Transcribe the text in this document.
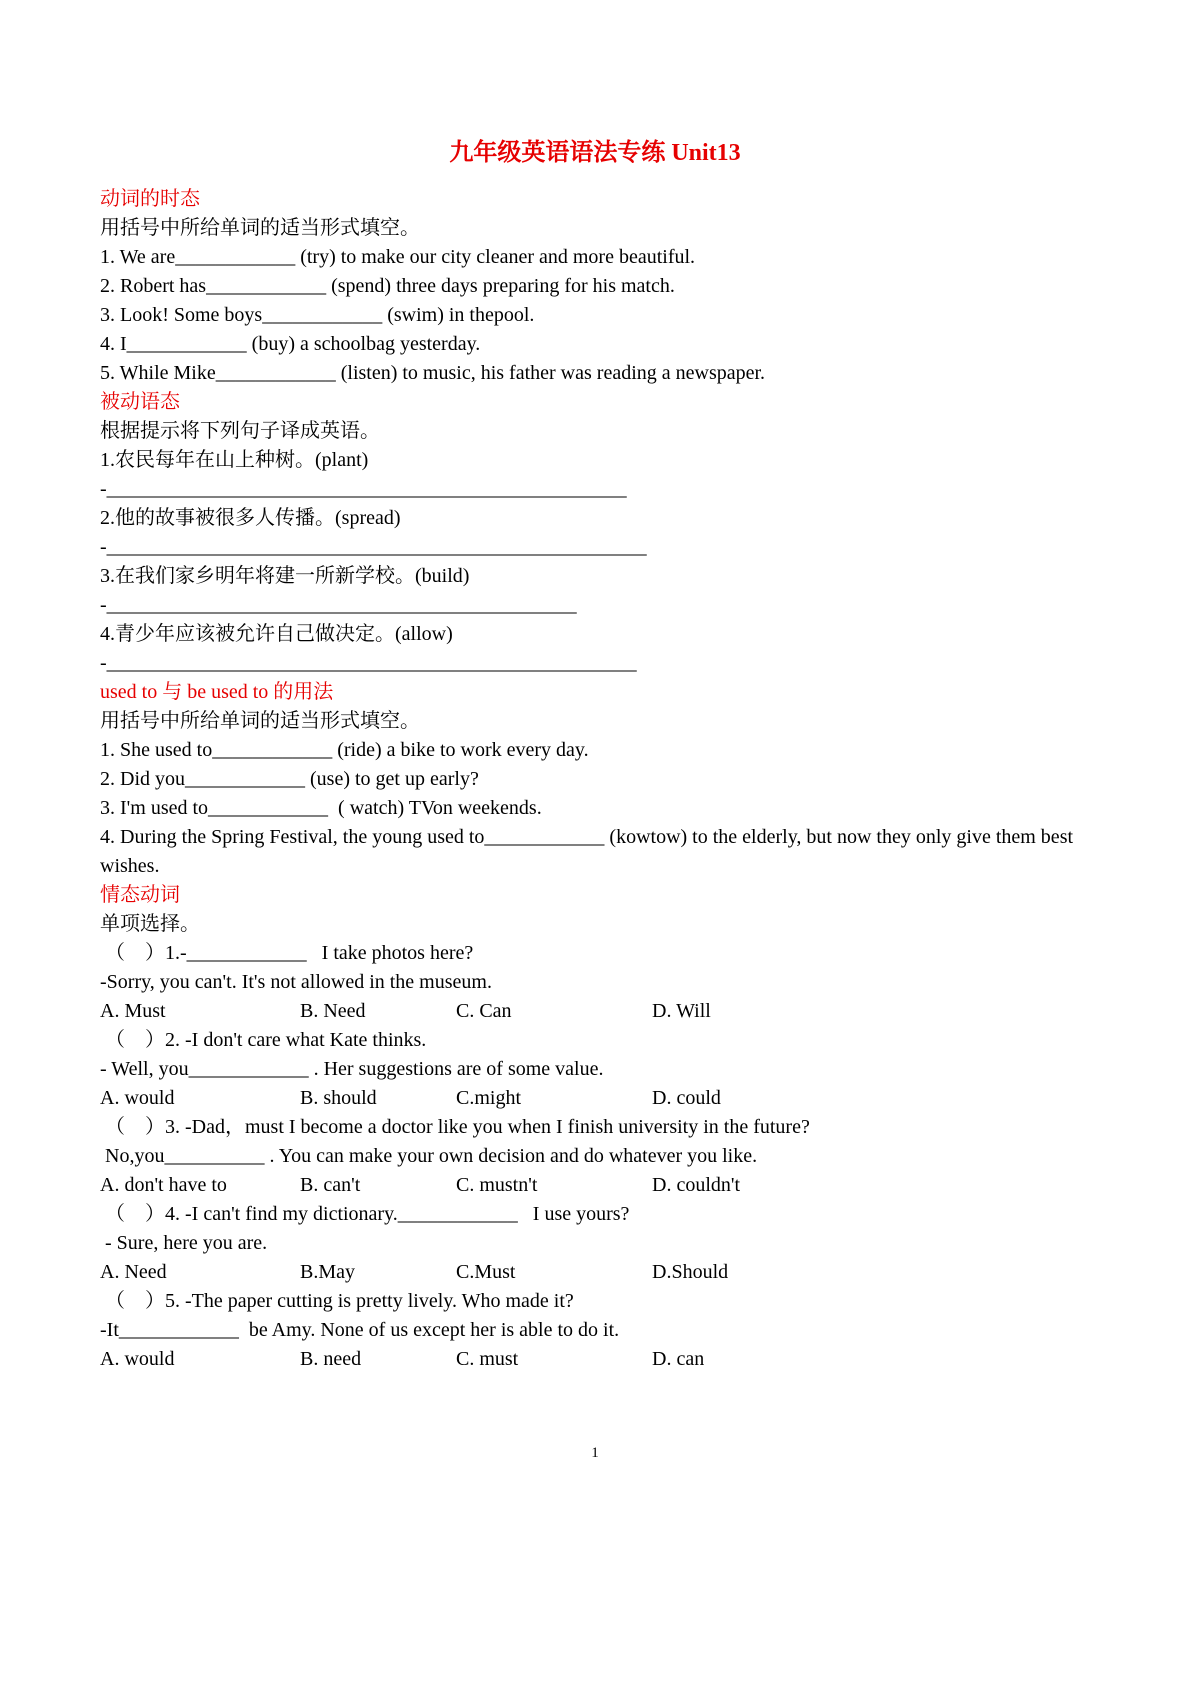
九年级英语语法专练 Unit13
动词的时态
用括号中所给单词的适当形式填空。
1. We are____________ (try) to make our city cleaner and more beautiful.
2. Robert has____________ (spend) three days preparing for his match.
3. Look! Some boys____________ (swim) in thepool.
4. I____________ (buy) a schoolbag yesterday.
5. While Mike____________ (listen) to music, his father was reading a newspaper.
被动语态
根据提示将下列句子译成英语。
1.农民每年在山上种树。(plant)
-____________________________________________________
2.他的故事被很多人传播。(spread)
-______________________________________________________
3.在我们家乡明年将建一所新学校。(build)
-_______________________________________________
4.青少年应该被允许自己做决定。(allow)
-_____________________________________________________
used to 与 be used to 的用法
用括号中所给单词的适当形式填空。
1. She used to____________ (ride) a bike to work every day.
2. Did you____________ (use) to get up early?
3. I'm used to____________  ( watch) TVon weekends.
4. During the Spring Festival, the young used to____________ (kowtow) to the elderly, but now they only give them best wishes.
情态动词
单项选择。
（　）1.-____________   I take photos here?
-Sorry, you can't. It's not allowed in the museum.
A. Must	B. Need	C. Can	D. Will
（　）2. -I don't care what Kate thinks.
- Well, you____________ . Her suggestions are of some value.
A. would	B. should	C.might	D. could
（　）3. -Dad，must I become a doctor like you when I finish university in the future?
No,you__________ . You can make your own decision and do whatever you like.
A. don't have to	B. can't	C. mustn't	D. couldn't
（　）4. -I can't find my dictionary.____________   I use yours?
- Sure, here you are.
A. Need	B.May	C.Must	D.Should
（　）5. -The paper cutting is pretty lively. Who made it?
-It____________  be Amy. None of us except her is able to do it.
A. would	B. need	C. must	D. can
1
